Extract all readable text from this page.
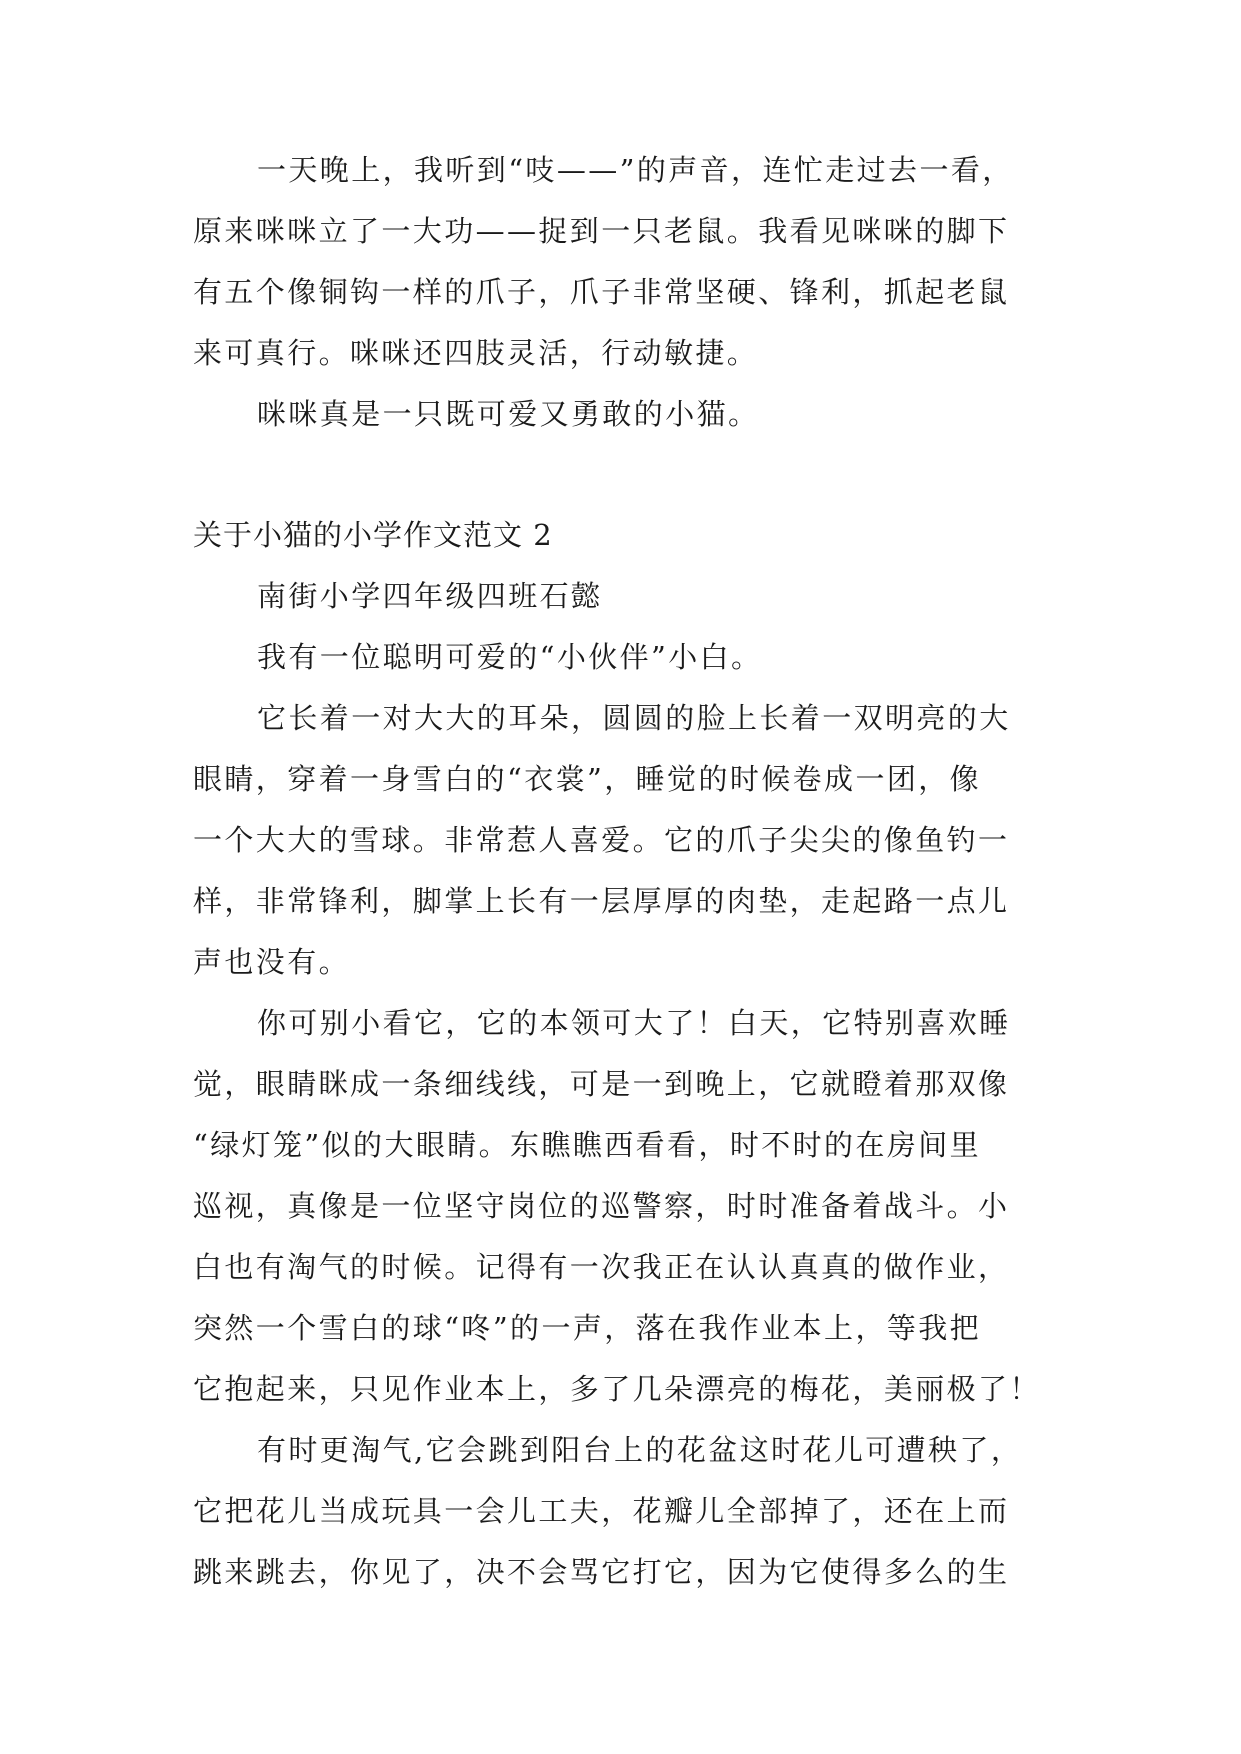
一天晚上，我听到“吱——”的声音，连忙走过去一看，
原来咪咪立了一大功——捉到一只老鼠。我看见咪咪的脚下
有五个像铜钩一样的爪子，爪子非常坚硬、锋利，抓起老鼠
来可真行。咪咪还四肢灵活，行动敏捷。
咪咪真是一只既可爱又勇敢的小猫。
关于小猫的小学作文范文 2
南街小学四年级四班石懿
我有一位聪明可爱的“小伙伴”小白。
它长着一对大大的耳朵，圆圆的脸上长着一双明亮的大
眼睛，穿着一身雪白的“衣裳”，睡觉的时候卷成一团，像
一个大大的雪球。非常惹人喜爱。它的爪子尖尖的像鱼钓一
样，非常锋利，脚掌上长有一层厚厚的肉垫，走起路一点儿
声也没有。
你可别小看它，它的本领可大了！白天，它特别喜欢睡
觉，眼睛眯成一条细线线，可是一到晚上，它就瞪着那双像
“绿灯笼”似的大眼睛。东瞧瞧西看看，时不时的在房间里
巡视，真像是一位坚守岗位的巡警察，时时准备着战斗。小
白也有淘气的时候。记得有一次我正在认认真真的做作业，
突然一个雪白的球“咚”的一声，落在我作业本上，等我把
它抱起来，只见作业本上，多了几朵漂亮的梅花，美丽极了！
有时更淘气,它会跳到阳台上的花盆这时花儿可遭秧了，
它把花儿当成玩具一会儿工夫，花瓣儿全部掉了，还在上而
跳来跳去，你见了，决不会骂它打它，因为它使得多么的生
